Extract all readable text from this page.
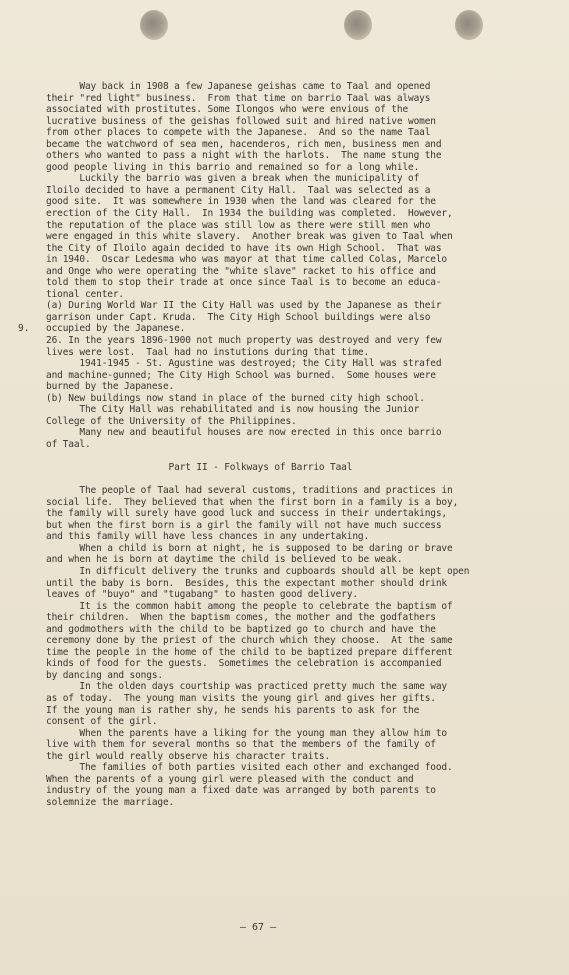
9.
Way back in 1908 a few Japanese geishas came to Taal and opened
their "red light" business.  From that time on barrio Taal was always
associated with prostitutes. Some Ilongos who were envious of the
lucrative business of the geishas followed suit and hired native women
from other places to compete with the Japanese.  And so the name Taal
became the watchword of sea men, hacenderos, rich men, business men and
others who wanted to pass a night with the harlots.  The name stung the
good people living in this barrio and remained so for a long while.
Luckily the barrio was given a break when the municipality of
Iloilo decided to have a permanent City Hall.  Taal was selected as a
good site.  It was somewhere in 1930 when the land was cleared for the
erection of the City Hall.  In 1934 the building was completed.  However,
the reputation of the place was still low as there were still men who
were engaged in this white slavery.  Another break was given to Taal when
the City of Iloilo again decided to have its own High School.  That was
in 1940.  Oscar Ledesma who was mayor at that time called Colas, Marcelo
and Onge who were operating the "white slave" racket to his office and
told them to stop their trade at once since Taal is to become an educa-
tional center.
(a) During World War II the City Hall was used by the Japanese as their
garrison under Capt. Kruda.  The City High School buildings were also
occupied by the Japanese.
26. In the years 1896-1900 not much property was destroyed and very few
lives were lost.  Taal had no instutions during that time.
1941-1945 - St. Agustine was destroyed; the City Hall was strafed
and machine-gunned; The City High School was burned.  Some houses were
burned by the Japanese.
(b) New buildings now stand in place of the burned city high school.
The City Hall was rehabilitated and is now housing the Junior
College of the University of the Philippines.
Many new and beautiful houses are now erected in this once barrio
of Taal.
Part II - Folkways of Barrio Taal
The people of Taal had several customs, traditions and practices in
social life.  They believed that when the first born in a family is a boy,
the family will surely have good luck and success in their undertakings,
but when the first born is a girl the family will not have much success
and this family will have less chances in any undertaking.
When a child is born at night, he is supposed to be daring or brave
and when he is born at daytime the child is believed to be weak.
In difficult delivery the trunks and cupboards should all be kept open
until the baby is born.  Besides, this the expectant mother should drink
leaves of "buyo" and "tugabang" to hasten good delivery.
It is the common habit among the people to celebrate the baptism of
their children.  When the baptism comes, the mother and the godfathers
and godmothers with the child to be baptized go to church and have the
ceremony done by the priest of the church which they choose.  At the same
time the people in the home of the child to be baptized prepare different
kinds of food for the guests.  Sometimes the celebration is accompanied
by dancing and songs.
In the olden days courtship was practiced pretty much the same way
as of today.  The young man visits the young girl and gives her gifts.
If the young man is rather shy, he sends his parents to ask for the
consent of the girl.
When the parents have a liking for the young man they allow him to
live with them for several months so that the members of the family of
the girl would really observe his character traits.
The families of both parties visited each other and exchanged food.
When the parents of a young girl were pleased with the conduct and
industry of the young man a fixed date was arranged by both parents to
solemnize the marriage.
— 67 —
